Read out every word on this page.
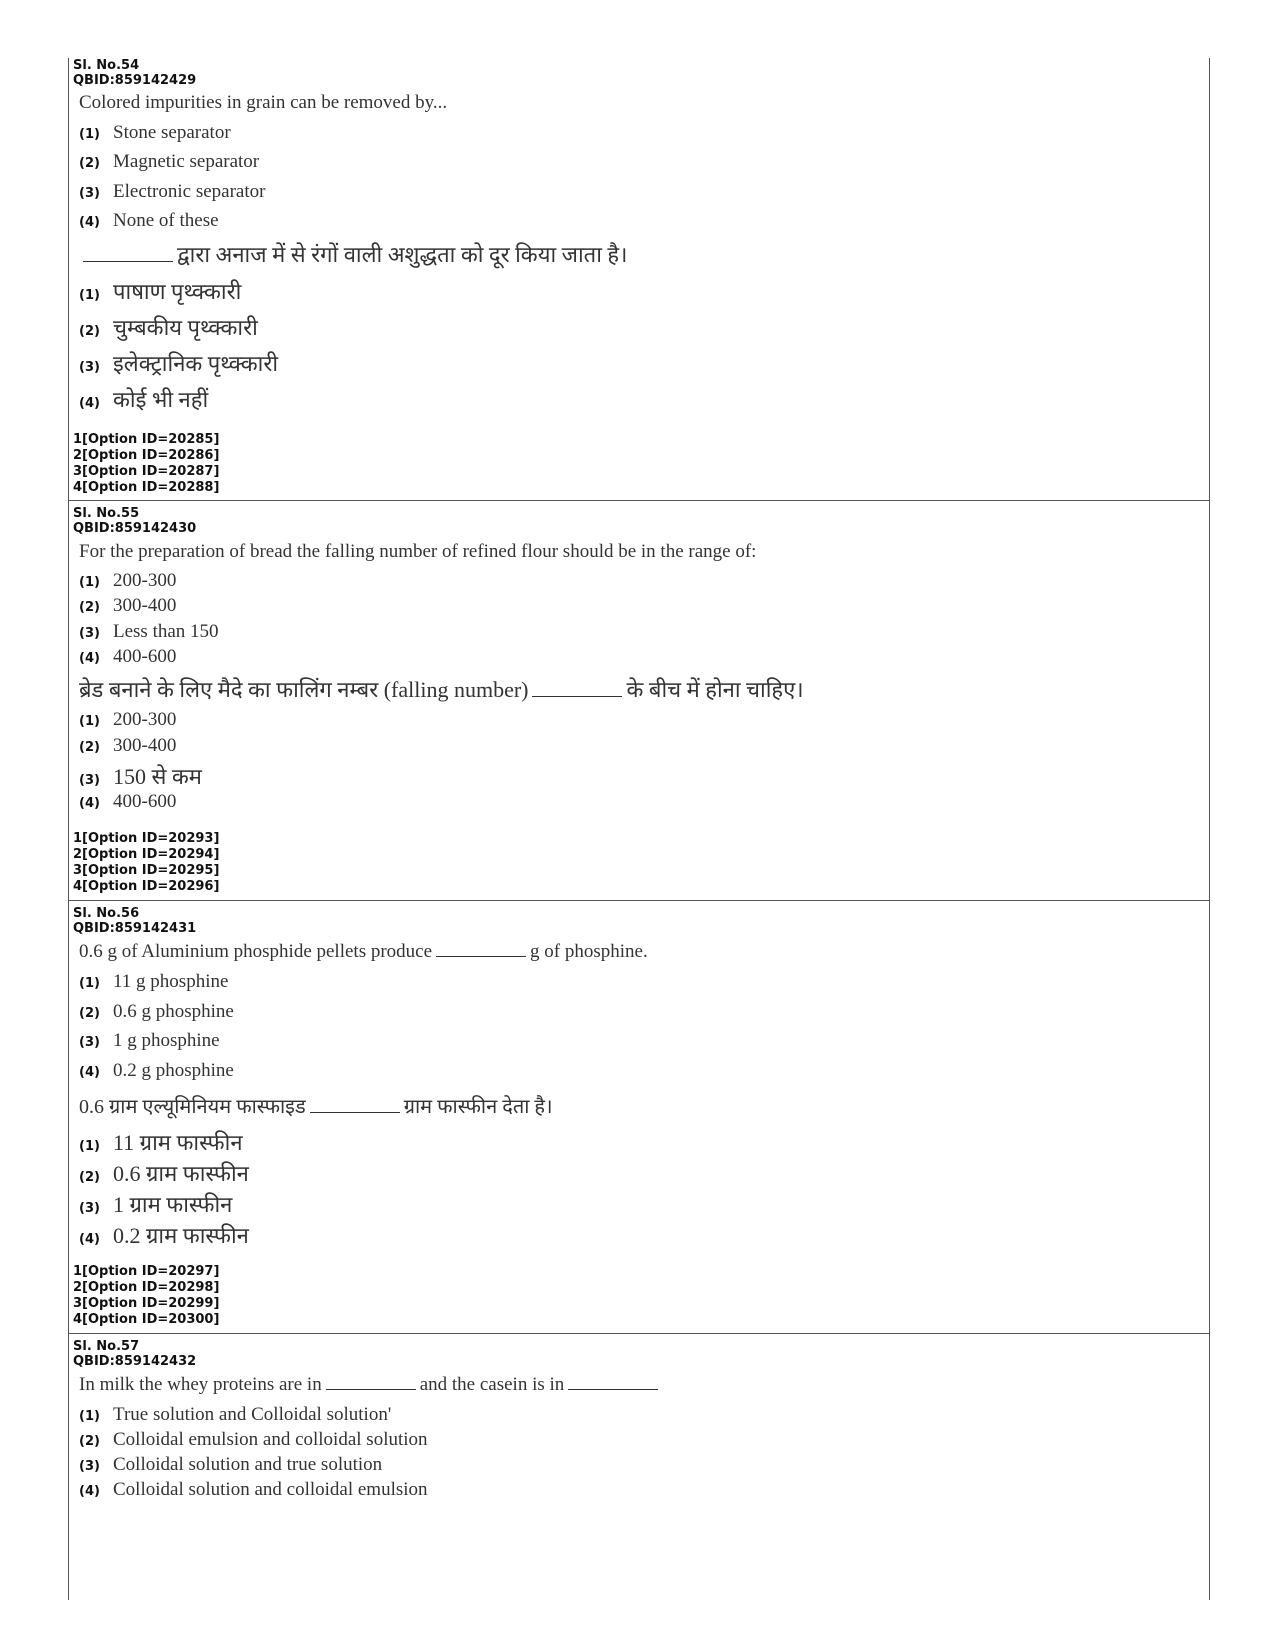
Sl. No.54
QBID:859142429
Colored impurities in grain can be removed by...
(1) Stone separator
(2) Magnetic separator
(3) Electronic separator
(4) None of these
द्वारा अनाज में से रंगों वाली अशुद्धता को दूर किया जाता है।
(1) पाषाण पृथ्क्कारी
(2) चुम्बकीय पृथ्क्कारी
(3) इलेक्ट्रानिक पृथ्क्कारी
(4) कोई भी नहीं
1[Option ID=20285]
2[Option ID=20286]
3[Option ID=20287]
4[Option ID=20288]
Sl. No.55
QBID:859142430
For the preparation of bread the falling number of refined flour should be in the range of:
(1) 200-300
(2) 300-400
(3) Less than 150
(4) 400-600
ब्रेड बनाने के लिए मैदे का फालिंग नम्बर (falling number)	के बीच में होना चाहिए।
(1) 200-300
(2) 300-400
(3) 150 से कम
(4) 400-600
1[Option ID=20293]
2[Option ID=20294]
3[Option ID=20295]
4[Option ID=20296]
Sl. No.56
QBID:859142431
0.6 g of Aluminium phosphide pellets produce	g of phosphine.
(1) 11 g phosphine
(2) 0.6 g phosphine
(3) 1 g phosphine
(4) 0.2 g phosphine
0.6 ग्राम एल्यूमिनियम फास्फाइड	ग्राम फास्फीन देता है।
(1) 11 ग्राम फास्फीन
(2) 0.6 ग्राम फास्फीन
(3) 1 ग्राम फास्फीन
(4) 0.2 ग्राम फास्फीन
1[Option ID=20297]
2[Option ID=20298]
3[Option ID=20299]
4[Option ID=20300]
Sl. No.57
QBID:859142432
In milk the whey proteins are in	and the casein is in
(1) True solution and Colloidal solution'
(2) Colloidal emulsion and colloidal solution
(3) Colloidal solution and true solution
(4) Colloidal solution and colloidal emulsion
